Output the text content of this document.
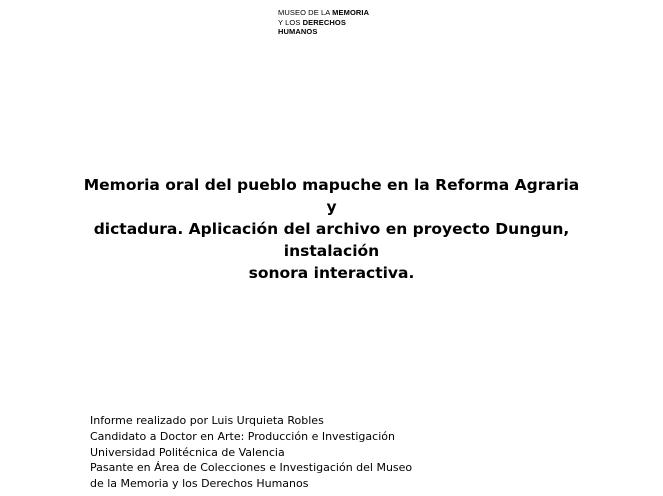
MUSEO DE LA MEMORIA
Y LOS DERECHOS
HUMANOS
Memoria oral del pueblo mapuche en la Reforma Agraria y
dictadura. Aplicación del archivo en proyecto Dungun, instalación
sonora interactiva.
Informe realizado por Luis Urquieta Robles
Candidato a Doctor en Arte: Producción e Investigación
Universidad Politécnica de Valencia
Pasante en Área de Colecciones e Investigación del Museo
de la Memoria y los Derechos Humanos
